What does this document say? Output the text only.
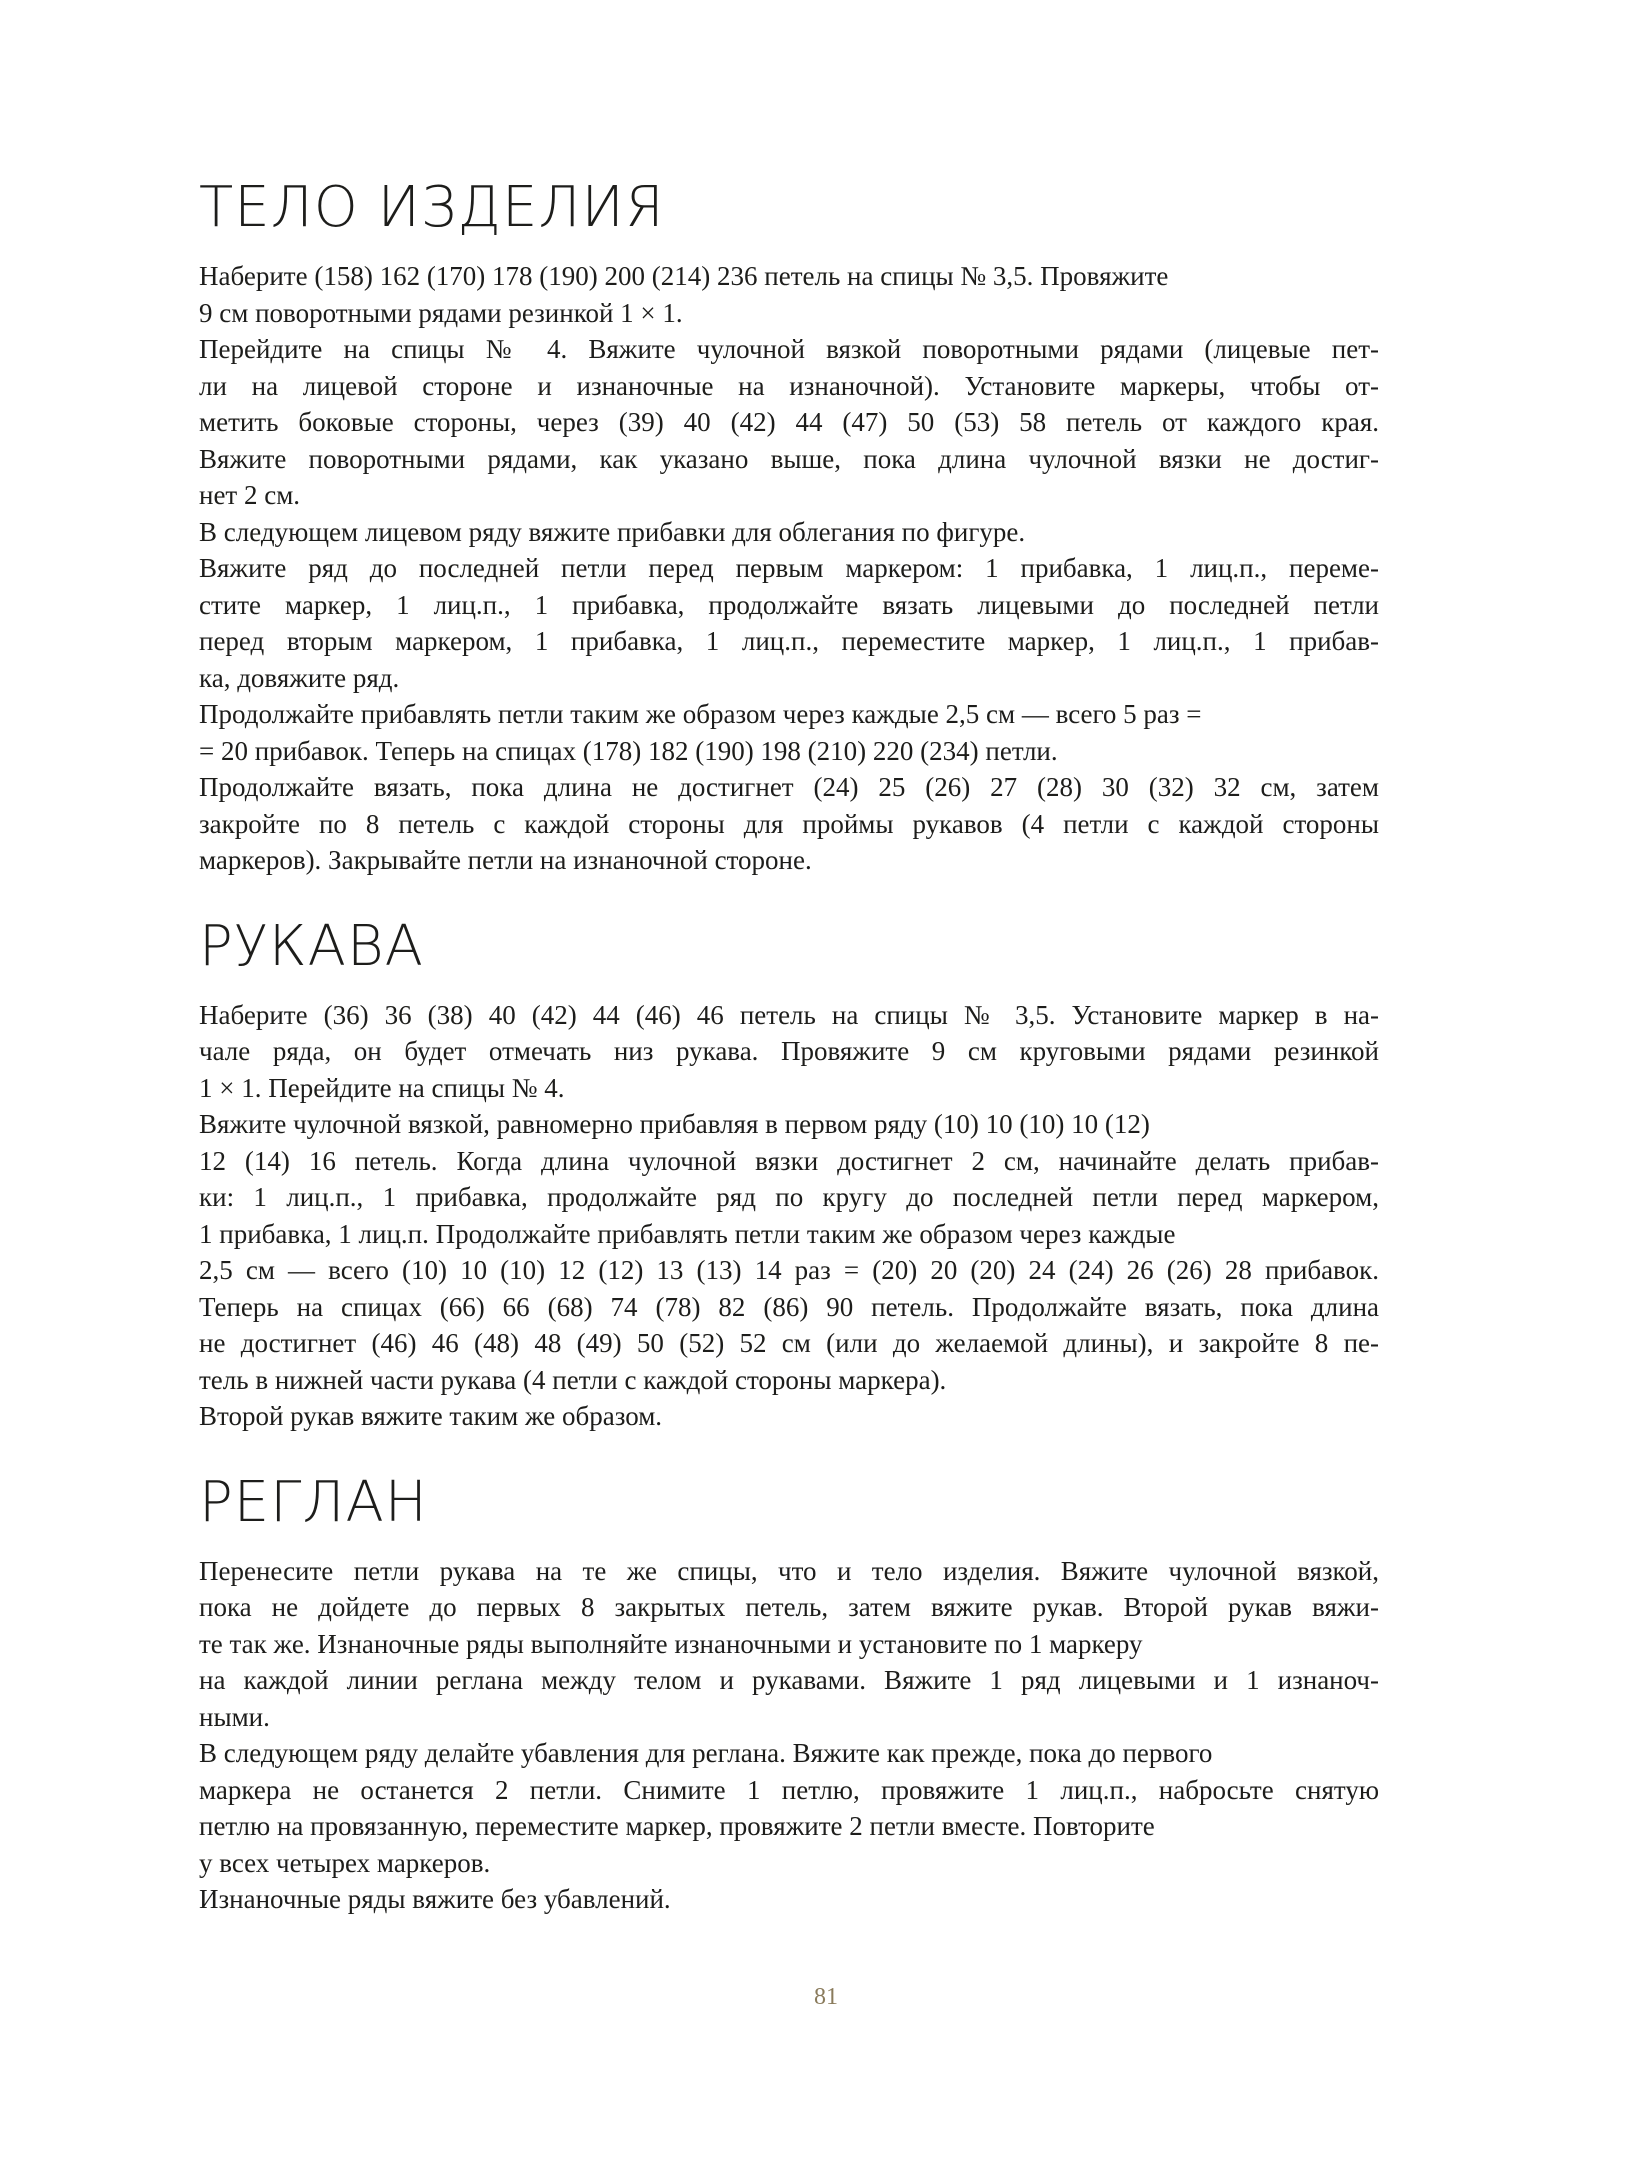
ТЕЛО ИЗДЕЛИЯ

Наберите (158) 162 (170) 178 (190) 200 (214) 236 петель на спицы № 3,5. Провяжите
9 см поворотными рядами резинкой 1 × 1.
Перейдите на спицы № 4. Вяжите чулочной вязкой поворотными рядами (лицевые пет-
ли на лицевой стороне и изнаночные на изнаночной). Установите маркеры, чтобы от-
метить боковые стороны, через (39) 40 (42) 44 (47) 50 (53) 58 петель от каждого края.
Вяжите поворотными рядами, как указано выше, пока длина чулочной вязки не достиг-
нет 2 см.
В следующем лицевом ряду вяжите прибавки для облегания по фигуре.
Вяжите ряд до последней петли перед первым маркером: 1 прибавка, 1 лиц.п., переме-
стите маркер, 1 лиц.п., 1 прибавка, продолжайте вязать лицевыми до последней петли
перед вторым маркером, 1 прибавка, 1 лиц.п., переместите маркер, 1 лиц.п., 1 прибав-
ка, довяжите ряд.
Продолжайте прибавлять петли таким же образом через каждые 2,5 см — всего 5 раз =
= 20 прибавок. Теперь на спицах (178) 182 (190) 198 (210) 220 (234) петли.
Продолжайте вязать, пока длина не достигнет (24) 25 (26) 27 (28) 30 (32) 32 см, затем
закройте по 8 петель с каждой стороны для проймы рукавов (4 петли с каждой стороны
маркеров). Закрывайте петли на изнаночной стороне.

РУКАВА

Наберите (36) 36 (38) 40 (42) 44 (46) 46 петель на спицы № 3,5. Установите маркер в на-
чале ряда, он будет отмечать низ рукава. Провяжите 9 см круговыми рядами резинкой
1 × 1. Перейдите на спицы № 4.
Вяжите чулочной вязкой, равномерно прибавляя в первом ряду (10) 10 (10) 10 (12)
12 (14) 16 петель. Когда длина чулочной вязки достигнет 2 см, начинайте делать прибав-
ки: 1 лиц.п., 1 прибавка, продолжайте ряд по кругу до последней петли перед маркером,
1 прибавка, 1 лиц.п. Продолжайте прибавлять петли таким же образом через каждые
2,5 см — всего (10) 10 (10) 12 (12) 13 (13) 14 раз = (20) 20 (20) 24 (24) 26 (26) 28 прибавок.
Теперь на спицах (66) 66 (68) 74 (78) 82 (86) 90 петель. Продолжайте вязать, пока длина
не достигнет (46) 46 (48) 48 (49) 50 (52) 52 см (или до желаемой длины), и закройте 8 пе-
тель в нижней части рукава (4 петли с каждой стороны маркера).
Второй рукав вяжите таким же образом.

РЕГЛАН

Перенесите петли рукава на те же спицы, что и тело изделия. Вяжите чулочной вязкой,
пока не дойдете до первых 8 закрытых петель, затем вяжите рукав. Второй рукав вяжи-
те так же. Изнаночные ряды выполняйте изнаночными и установите по 1 маркеру
на каждой линии реглана между телом и рукавами. Вяжите 1 ряд лицевыми и 1 изнаноч-
ными.
В следующем ряду делайте убавления для реглана. Вяжите как прежде, пока до первого
маркера не останется 2 петли. Снимите 1 петлю, провяжите 1 лиц.п., набросьте снятую
петлю на провязанную, переместите маркер, провяжите 2 петли вместе. Повторите
у всех четырех маркеров.
Изнаночные ряды вяжите без убавлений.

81
